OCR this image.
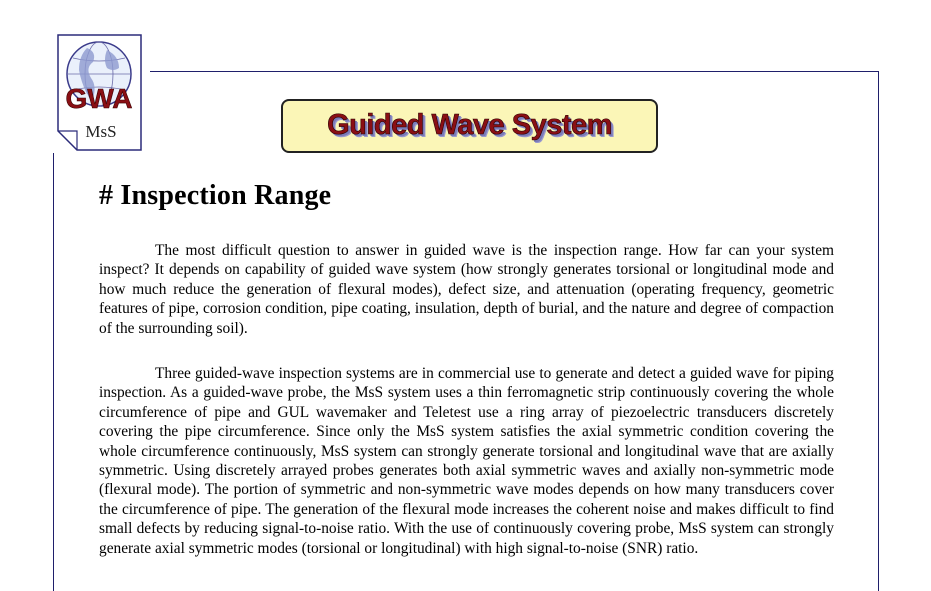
GWA
MsS	Guided Wave System
# Inspection Range

The most difficult question to answer in guided wave is the inspection range. How far can your system inspect? It depends on capability of guided wave system (how strongly generates torsional or longitudinal mode and how much reduce the generation of flexural modes), defect size, and attenuation (operating frequency, geometric features of pipe, corrosion condition, pipe coating, insulation, depth of burial, and the nature and degree of compaction of the surrounding soil).

Three guided-wave inspection systems are in commercial use to generate and detect a guided wave for piping inspection. As a guided-wave probe, the MsS system uses a thin ferromagnetic strip continuously covering the whole circumference of pipe and GUL wavemaker and Teletest use a ring array of piezoelectric transducers discretely covering the pipe circumference. Since only the MsS system satisfies the axial symmetric condition covering the whole circumference continuously, MsS system can strongly generate torsional and longitudinal wave that are axially symmetric. Using discretely arrayed probes generates both axial symmetric waves and axially non-symmetric mode (flexural mode). The portion of symmetric and non-symmetric wave modes depends on how many transducers cover the circumference of pipe. The generation of the flexural mode increases the coherent noise and makes difficult to find small defects by reducing signal-to-noise ratio. With the use of continuously covering probe, MsS system can strongly generate axial symmetric modes (torsional or longitudinal) with high signal-to-noise (SNR) ratio.
